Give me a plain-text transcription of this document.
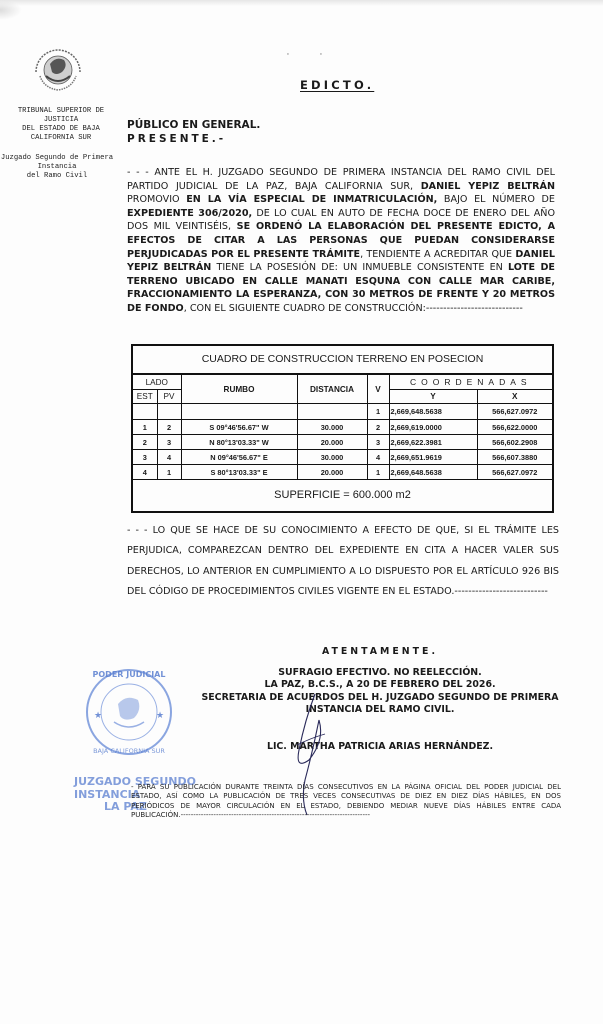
TRIBUNAL SUPERIOR DE
JUSTICIA
DEL ESTADO DE BAJA
CALIFORNIA SUR
Juzgado Segundo de Primera
Instancia
del Ramo Civil
'	'
EDICTO.
PÚBLICO EN GENERAL.
PRESENTE.-
- - - ANTE EL H. JUZGADO SEGUNDO DE PRIMERA INSTANCIA DEL RAMO CIVIL DEL PARTIDO JUDICIAL DE LA PAZ, BAJA CALIFORNIA SUR, DANIEL YEPIZ BELTRÁN PROMOVIO EN LA VÍA ESPECIAL DE INMATRICULACIÓN, BAJO EL NÚMERO DE EXPEDIENTE 306/2020, DE LO CUAL EN AUTO DE FECHA DOCE DE ENERO DEL AÑO DOS MIL VEINTISÉIS, SE ORDENÓ LA ELABORACIÓN DEL PRESENTE EDICTO, A EFECTOS DE CITAR A LAS PERSONAS QUE PUEDAN CONSIDERARSE PERJUDICADAS POR EL PRESENTE TRÁMITE, TENDIENTE A ACREDITAR QUE DANIEL YEPIZ BELTRÁN TIENE LA POSESIÓN DE: UN INMUEBLE CONSISTENTE EN LOTE DE TERRENO UBICADO EN CALLE MANATI ESQUNA CON CALLE MAR CARIBE, FRACCIONAMIENTO LA ESPERANZA, CON 30 METROS DE FRENTE Y 20 METROS DE FONDO, CON EL SIGUIENTE CUADRO DE CONSTRUCCIÓN:----------------------------
CUADRO DE CONSTRUCCION TERRENO EN POSECION
LADO		RUMBO	DISTANCIA	V	COORDENADAS	
EST	PV				Y	X
				1	2,669,648.5638	566,627.0972
1	2	S 09°46'56.67" W	30.000	2	2,669,619.0000	566,622.0000
2	3	N 80°13'03.33" W	20.000	3	2,669,622.3981	566,602.2908
3	4	N 09°46'56.67" E	30.000	4	2,669,651.9619	566,607.3880
4	1	S 80°13'03.33" E	20.000	1	2,669,648.5638	566,627.0972
SUPERFICIE = 600.000 m2						
- - - LO QUE SE HACE DE SU CONOCIMIENTO A EFECTO DE QUE, SI EL TRÁMITE LES PERJUDICA, COMPAREZCAN DENTRO DEL EXPEDIENTE EN CITA A HACER VALER SUS DERECHOS, LO ANTERIOR EN CUMPLIMIENTO A LO DISPUESTO POR EL ARTÍCULO 926 BIS DEL CÓDIGO DE PROCEDIMIENTOS CIVILES VIGENTE EN EL ESTADO.---------------------------
PODER JUDICIAL
★	★
BAJA CALIFORNIA SUR
JUZGADO SEGUNDO
INSTANCIA
LA PAZ
ATENTAMENTE.
SUFRAGIO EFECTIVO. NO REELECCIÓN.
LA PAZ, B.C.S., A 20 DE FEBRERO DEL 2026.
SECRETARIA DE ACUERDOS DEL H. JUZGADO SEGUNDO DE PRIMERA
INSTANCIA DEL RAMO CIVIL.
LIC. MARTHA PATRICIA ARIAS HERNÁNDEZ.
- PARA SU PUBLICACIÓN DURANTE TREINTA DÍAS CONSECUTIVOS EN LA PÁGINA OFICIAL DEL PODER JUDICIAL DEL ESTADO, ASÍ COMO LA PUBLICACIÓN DE TRES VECES CONSECUTIVAS DE DIEZ EN DIEZ DÍAS HÁBILES, EN DOS PERIÓDICOS DE MAYOR CIRCULACIÓN EN EL ESTADO, DEBIENDO MEDIAR NUEVE DÍAS HÁBILES ENTRE CADA PUBLICACIÓN.---------------------------------------------------------------------------
